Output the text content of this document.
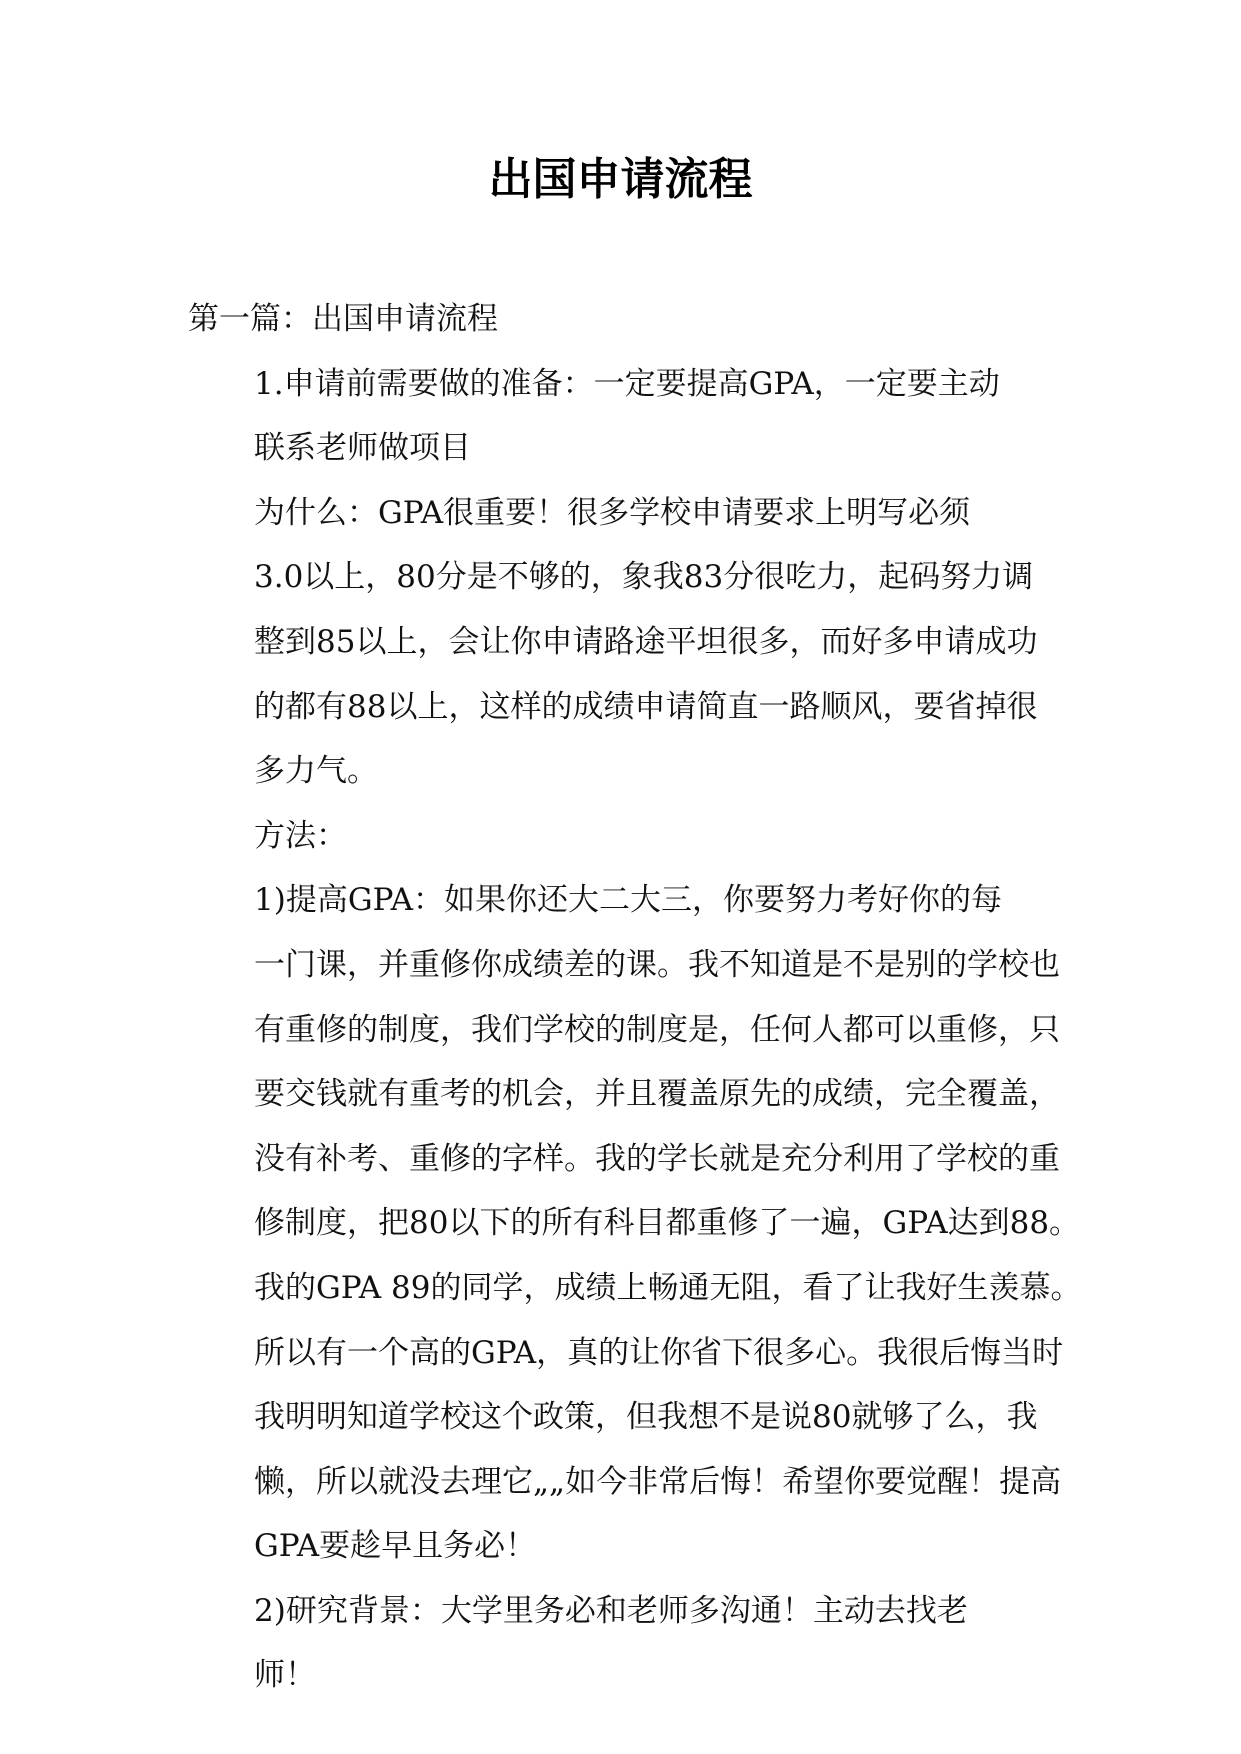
出国申请流程
第一篇：出国申请流程
1.申请前需要做的准备：一定要提高GPA，一定要主动
联系老师做项目
为什么：GPA很重要！很多学校申请要求上明写必须
3.0以上，80分是不够的，象我83分很吃力，起码努力调
整到85以上，会让你申请路途平坦很多，而好多申请成功
的都有88以上，这样的成绩申请简直一路顺风，要省掉很
多力气。
方法：
1)提高GPA：如果你还大二大三，你要努力考好你的每
一门课，并重修你成绩差的课。我不知道是不是别的学校也
有重修的制度，我们学校的制度是，任何人都可以重修，只
要交钱就有重考的机会，并且覆盖原先的成绩，完全覆盖，
没有补考、重修的字样。我的学长就是充分利用了学校的重
修制度，把80以下的所有科目都重修了一遍，GPA达到88。
我的GPA 89的同学，成绩上畅通无阻，看了让我好生羡慕。
所以有一个高的GPA，真的让你省下很多心。我很后悔当时
我明明知道学校这个政策，但我想不是说80就够了么，我
懒，所以就没去理它„„如今非常后悔！希望你要觉醒！提高
GPA要趁早且务必！
2)研究背景：大学里务必和老师多沟通！主动去找老
师！
